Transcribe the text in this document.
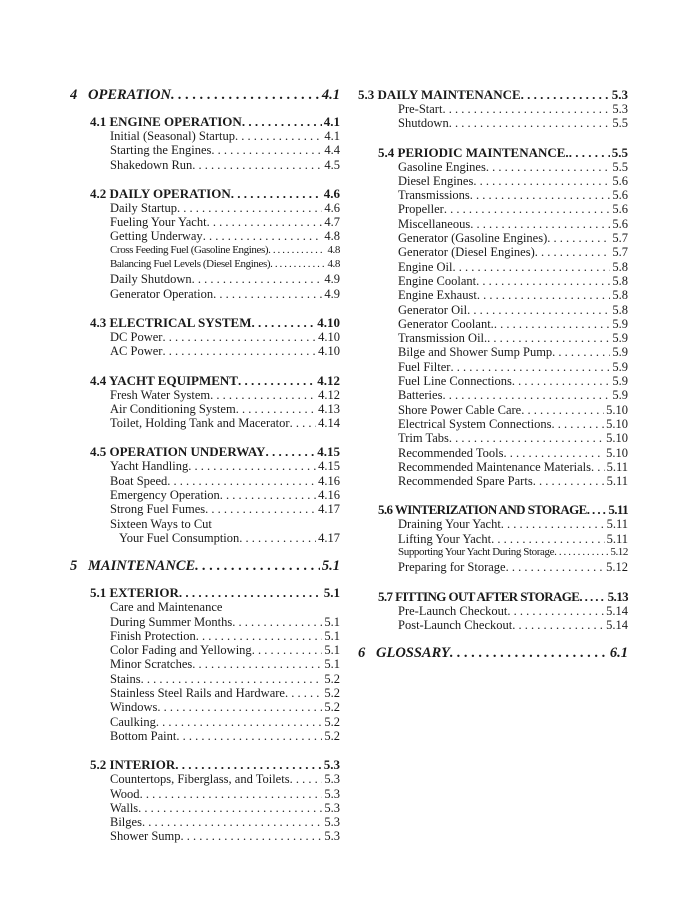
4 OPERATION . . .	4.1
4.1 ENGINE OPERATION . . .	4.1
Initial (Seasonal) Startup . . .	4.1
Starting the Engines . . .	4.4
Shakedown Run . . .	4.5
4.2 DAILY OPERATION . . .	4.6
Daily Startup . . .	4.6
Fueling Your Yacht . . .	4.7
Getting Underway . . .	4.8
Cross Feeding Fuel (Gasoline Engines) . . .	4.8
Balancing Fuel Levels (Diesel Engines) . . .	4.8
Daily Shutdown . . .	4.9
Generator Operation . . .	4.9
4.3 ELECTRICAL SYSTEM . . .	4.10
DC Power . . .	4.10
AC Power . . .	4.10
4.4 YACHT EQUIPMENT . . .	4.12
Fresh Water System . . .	4.12
Air Conditioning System . . .	4.13
Toilet, Holding Tank and Macerator . . . 4.14
4.5 OPERATION UNDERWAY . . .	4.15
Yacht Handling . . .	4.15
Boat Speed . . .	4.16
Emergency Operation . . .	4.16
Strong Fuel Fumes . . .	4.17
Sixteen Ways to Cut
Your Fuel Consumption . . .	4.17
5 MAINTENANCE . . .	5.1
5.1 EXTERIOR . . .	5.1
Care and Maintenance
During Summer Months . . .	5.1
Finish Protection . . .	5.1
Color Fading and Yellowing . . .	5.1
Minor Scratches . . .	5.1
Stains . . .	5.2
Stainless Steel Rails and Hardware . . .	5.2
Windows . . .	5.2
Caulking . . .	5.2
Bottom Paint . . .	5.2
5.2 INTERIOR . . .	5.3
Countertops, Fiberglass, and Toilets . . .	5.3
Wood . . .	5.3
Walls . . .	5.3
Bilges . . .	5.3
Shower Sump . . .	5.3
5.3 DAILY MAINTENANCE . . .	5.3
Pre-Start . . .	5.3
Shutdown . . .	5.5
5.4 PERIODIC MAINTENANCE. . . .	5.5
Gasoline Engines . . .	5.5
Diesel Engines . . .	5.6
Transmissions . . .	5.6
Propeller . . .	5.6
Miscellaneous . . .	5.6
Generator (Gasoline Engines) . . .	5.7
Generator (Diesel Engines) . . .	5.7
Engine Oil . . .	5.8
Engine Coolant . . .	5.8
Engine Exhaust . . .	5.8
Generator Oil . . .	5.8
Generator Coolant. . . .	5.9
Transmission Oil. . . .	5.9
Bilge and Shower Sump Pump . . .	5.9
Fuel Filter . . .	5.9
Fuel Line Connections . . .	5.9
Batteries . . .	5.9
Shore Power Cable Care . . .	5.10
Electrical System Connections . . .	5.10
Trim Tabs . . .	5.10
Recommended Tools . . .	5.10
Recommended Maintenance Materials . . . 5.11
Recommended Spare Parts . . .	5.11
5.6 WINTERIZATION AND STORAGE . . . 5.11
Draining Your Yacht . . .	5.11
Lifting Your Yacht . . .	5.11
Supporting Your Yacht During Storage . . .	5.12
Preparing for Storage . . .	5.12
5.7 FITTING OUT AFTER STORAGE . . . 5.13
Pre-Launch Checkout . . .	5.14
Post-Launch Checkout . . .	5.14
6 GLOSSARY . . .	6.1
